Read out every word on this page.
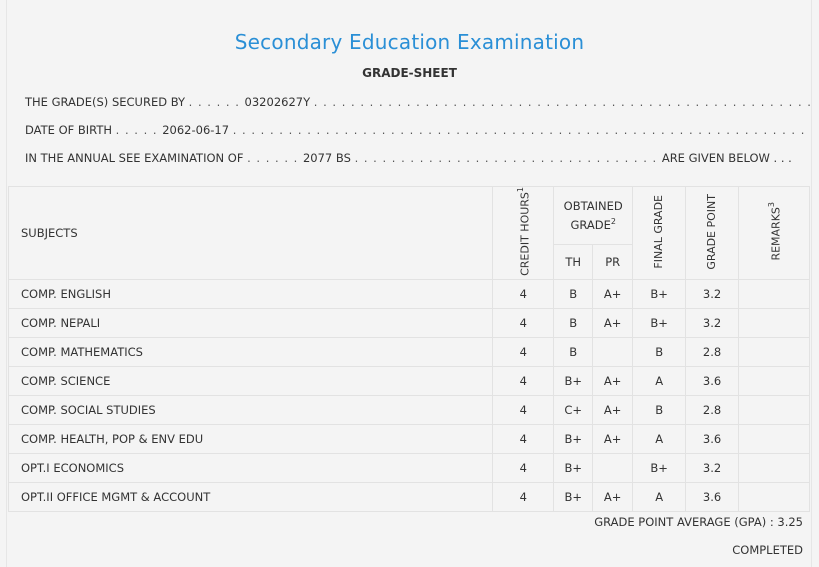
Secondary Education Examination
GRADE-SHEET
THE GRADE(S) SECURED BY . . . . . . 03202627Y . . . . . . . . . . . . . . . . . . . . . . . . . . . . . . . . . . . . . . . . . . . . . . . . . . . . . .
DATE OF BIRTH . . . . . 2062-06-17 . . . . . . . . . . . . . . . . . . . . . . . . . . . . . . . . . . . . . . . . . . . . . . . . . . . . . . . . . . . . . .
IN THE ANNUAL SEE EXAMINATION OF . . . . . . 2077 BS . . . . . . . . . . . . . . . . . . . . . . . . . . . . . . . . . ARE GIVEN BELOW . . .
SUBJECTS	CREDIT HOURS$^1$	OBTAINED GRADE$^2$		FINAL GRADE	GRADE POINT	REMARKS$^3$
		TH	PR			
COMP. ENGLISH	4	B	A+	B+	3.2	
COMP. NEPALI	4	B	A+	B+	3.2	
COMP. MATHEMATICS	4	B		B	2.8	
COMP. SCIENCE	4	B+	A+	A	3.6	
COMP. SOCIAL STUDIES	4	C+	A+	B	2.8	
COMP. HEALTH, POP & ENV EDU	4	B+	A+	A	3.6	
OPT.I ECONOMICS	4	B+		B+	3.2	
OPT.II OFFICE MGMT & ACCOUNT	4	B+	A+	A	3.6	
GRADE POINT AVERAGE (GPA) : 3.25
COMPLETED
